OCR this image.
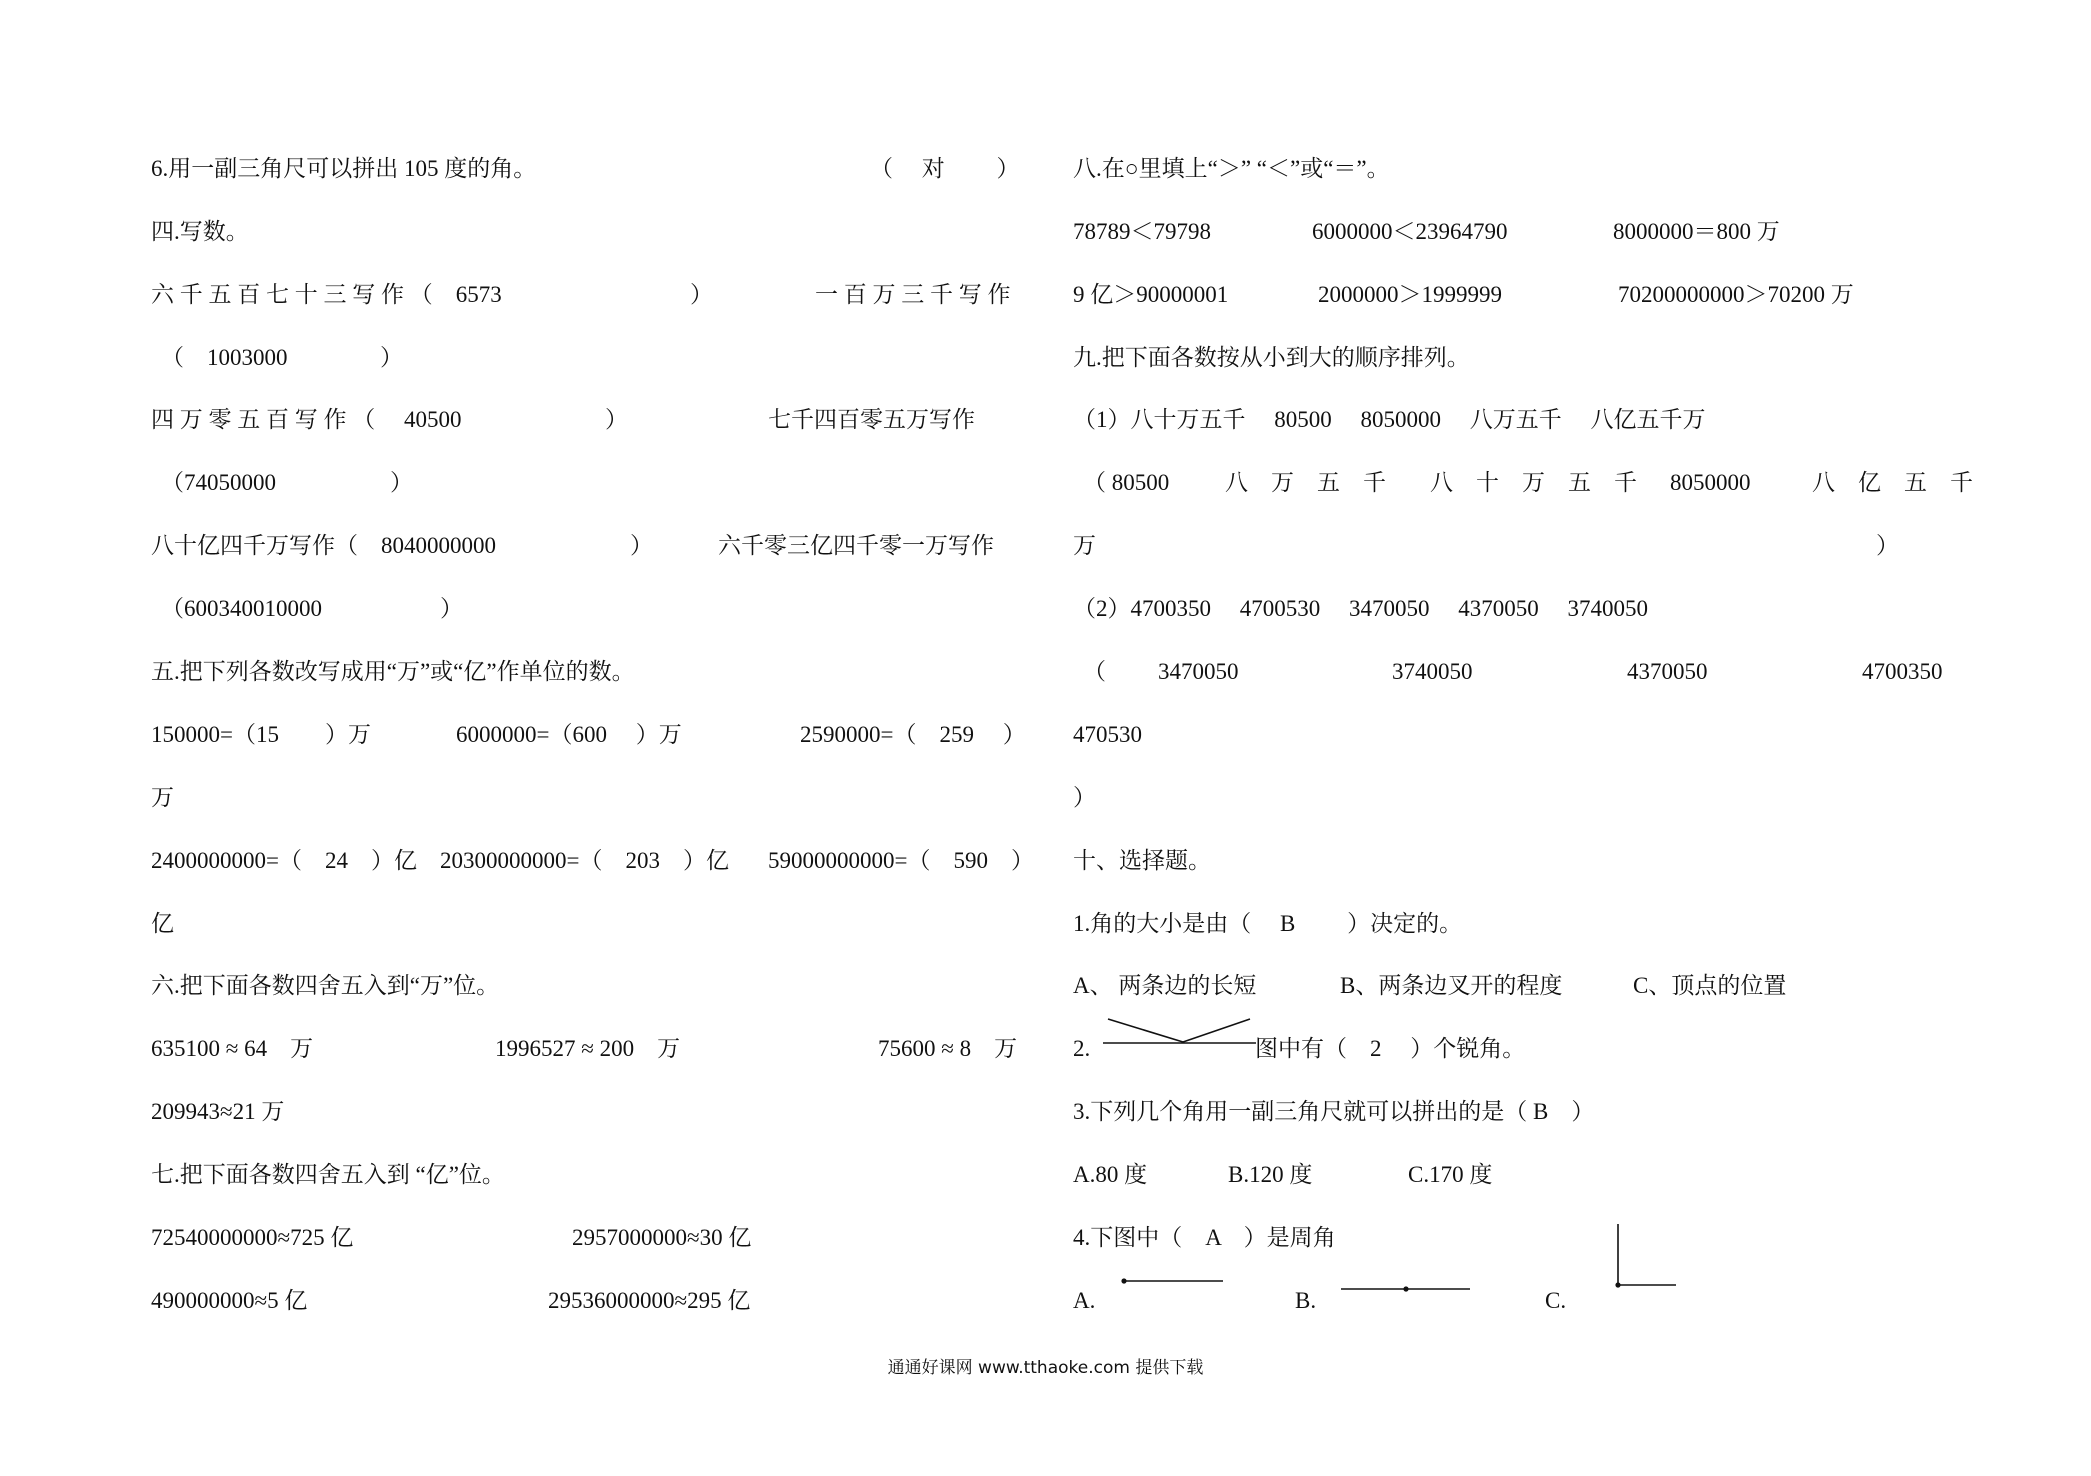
6.用一副三角尺可以拼出 105 度的角。	（　 对　　 ）
四.写数。
六 千 五 百 七 十 三 写 作 （　6573	）	一 百 万 三 千 写 作
（　1003000	）
四 万 零 五 百 写 作 （　 40500	）	七千四百零五万写作
（74050000	）
八十亿四千万写作（　8040000000	）	六千零三亿四千零一万写作
（600340010000	）
五.把下列各数改写成用“万”或“亿”作单位的数。
150000=（15　　）万	6000000=（600　 ）万	2590000=（　259　 ）
万
2400000000=（　24　）亿 20300000000=（　203　）亿 59000000000=（　590　）
亿
六.把下面各数四舍五入到“万”位。
635100 ≈ 64　万	1996527 ≈ 200　万	75600 ≈ 8　万
209943≈21 万
七.把下面各数四舍五入到 “亿”位。
72540000000≈725 亿	2957000000≈30 亿
490000000≈5 亿	29536000000≈295 亿
八.在○里填上“＞” “＜”或“＝”。
78789＜79798	6000000＜23964790	8000000＝800 万
9 亿＞90000001	2000000＞1999999	70200000000＞70200 万
九.把下面各数按从小到大的顺序排列。
（1）八十万五千　 80500　 8050000　 八万五千　 八亿五千万
（ 80500 八　万　五　千 八　十　万　五　千 8050000	八　亿　五　千
万	）
（2）4700350　 4700530　 3470050　 4370050　 3740050
（ 3470050	3740050	4370050	4700350
470530
）
十、选择题。
1.角的大小是由（　 B　　 ）决定的。
A、 两条边的长短	B、两条边叉开的程度	C、顶点的位置
2.	图中有（　2　 ）个锐角。
3.下列几个角用一副三角尺就可以拼出的是（ B　）
A.80 度	B.120 度	C.170 度
4.下图中（　A　）是周角
A.	B.	C.
通通好课网 www.tthaoke.com 提供下载
